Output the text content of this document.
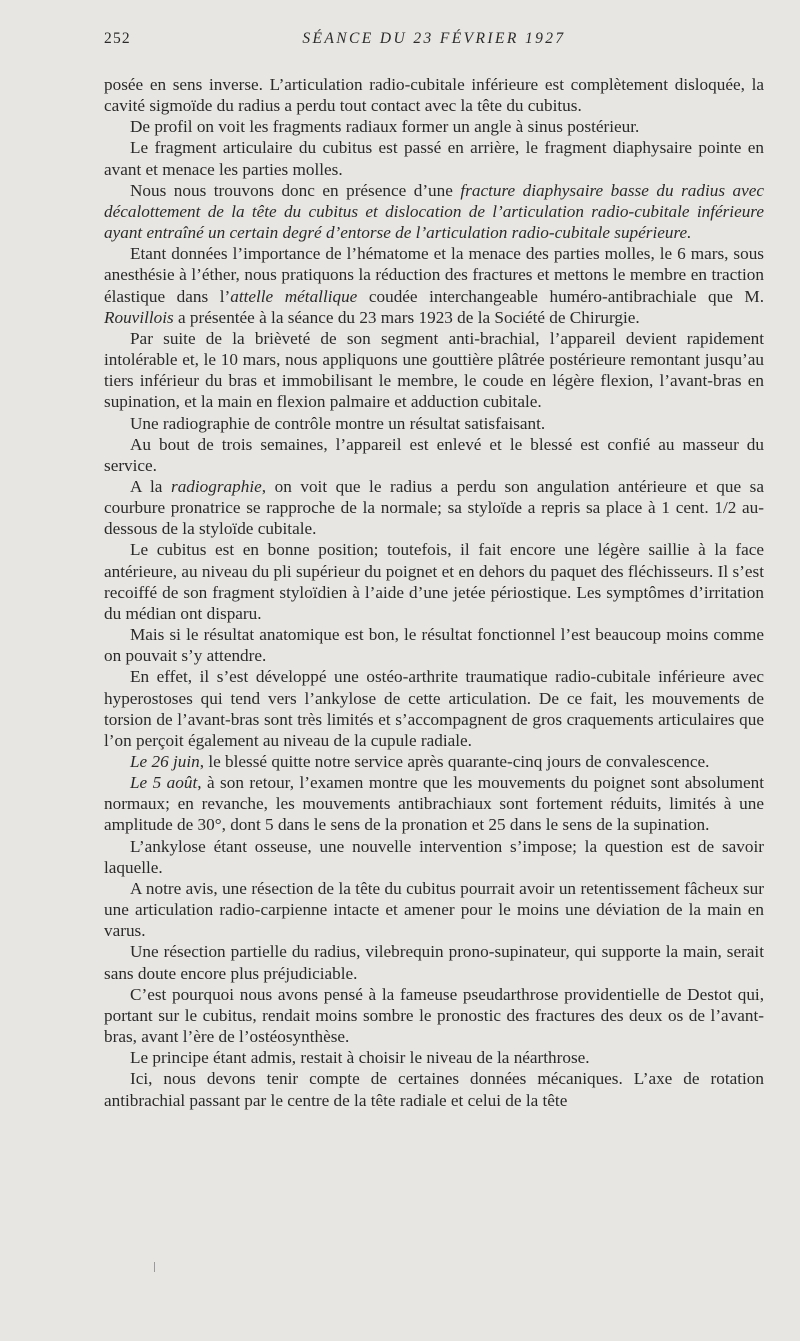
252	SÉANCE DU 23 FÉVRIER 1927

posée en sens inverse. L’articulation radio-cubitale inférieure est complètement disloquée, la cavité sigmoïde du radius a perdu tout contact avec la tête du cubitus.

De profil on voit les fragments radiaux former un angle à sinus postérieur.

Le fragment articulaire du cubitus est passé en arrière, le fragment diaphysaire pointe en avant et menace les parties molles.

Nous nous trouvons donc en présence d’une fracture diaphysaire basse du radius avec décalottement de la tête du cubitus et dislocation de l’articulation radio-cubitale inférieure ayant entraîné un certain degré d’entorse de l’articulation radio-cubitale supérieure.

Etant données l’importance de l’hématome et la menace des parties molles, le 6 mars, sous anesthésie à l’éther, nous pratiquons la réduction des fractures et mettons le membre en traction élastique dans l’attelle métallique coudée interchangeable huméro-antibrachiale que M. Rouvillois a présentée à la séance du 23 mars 1923 de la Société de Chirurgie.

Par suite de la brièveté de son segment anti-brachial, l’appareil devient rapidement intolérable et, le 10 mars, nous appliquons une gouttière plâtrée postérieure remontant jusqu’au tiers inférieur du bras et immobilisant le membre, le coude en légère flexion, l’avant-bras en supination, et la main en flexion palmaire et adduction cubitale.

Une radiographie de contrôle montre un résultat satisfaisant.

Au bout de trois semaines, l’appareil est enlevé et le blessé est confié au masseur du service.

A la radiographie, on voit que le radius a perdu son angulation antérieure et que sa courbure pronatrice se rapproche de la normale; sa styloïde a repris sa place à 1 cent. 1/2 au-dessous de la styloïde cubitale.

Le cubitus est en bonne position; toutefois, il fait encore une légère saillie à la face antérieure, au niveau du pli supérieur du poignet et en dehors du paquet des fléchisseurs. Il s’est recoiffé de son fragment styloïdien à l’aide d’une jetée périostique. Les symptômes d’irritation du médian ont disparu.

Mais si le résultat anatomique est bon, le résultat fonctionnel l’est beaucoup moins comme on pouvait s’y attendre.

En effet, il s’est développé une ostéo-arthrite traumatique radio-cubitale inférieure avec hyperostoses qui tend vers l’ankylose de cette articulation. De ce fait, les mouvements de torsion de l’avant-bras sont très limités et s’accompagnent de gros craquements articulaires que l’on perçoit également au niveau de la cupule radiale.

Le 26 juin, le blessé quitte notre service après quarante-cinq jours de convalescence.

Le 5 août, à son retour, l’examen montre que les mouvements du poignet sont absolument normaux; en revanche, les mouvements antibrachiaux sont fortement réduits, limités à une amplitude de 30°, dont 5 dans le sens de la pronation et 25 dans le sens de la supination.

L’ankylose étant osseuse, une nouvelle intervention s’impose; la question est de savoir laquelle.

A notre avis, une résection de la tête du cubitus pourrait avoir un retentissement fâcheux sur une articulation radio-carpienne intacte et amener pour le moins une déviation de la main en varus.

Une résection partielle du radius, vilebrequin prono-supinateur, qui supporte la main, serait sans doute encore plus préjudiciable.

C’est pourquoi nous avons pensé à la fameuse pseudarthrose providentielle de Destot qui, portant sur le cubitus, rendait moins sombre le pronostic des fractures des deux os de l’avant-bras, avant l’ère de l’ostéosynthèse.

Le principe étant admis, restait à choisir le niveau de la néarthrose.

Ici, nous devons tenir compte de certaines données mécaniques. L’axe de rotation antibrachial passant par le centre de la tête radiale et celui de la tête
